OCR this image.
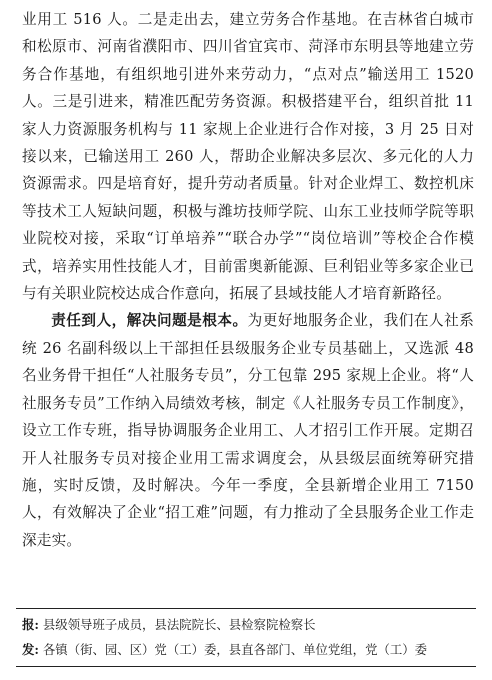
业用工 516 人。二是走出去，建立劳务合作基地。在吉林省白城市和松原市、河南省濮阳市、四川省宜宾市、菏泽市东明县等地建立劳务合作基地，有组织地引进外来劳动力，“点对点”输送用工 1520 人。三是引进来，精准匹配劳务资源。积极搭建平台，组织首批 11 家人力资源服务机构与 11 家规上企业进行合作对接，3 月 25 日对接以来，已输送用工 260 人，帮助企业解决多层次、多元化的人力资源需求。四是培育好，提升劳动者质量。针对企业焊工、数控机床等技术工人短缺问题，积极与潍坊技师学院、山东工业技师学院等职业院校对接，采取“订单培养”“联合办学”“岗位培训”等校企合作模式，培养实用性技能人才，目前雷奥新能源、巨利铝业等多家企业已与有关职业院校达成合作意向，拓展了县域技能人才培育新路径。

责任到人，解决问题是根本。为更好地服务企业，我们在人社系统 26 名副科级以上干部担任县级服务企业专员基础上，又选派 48 名业务骨干担任“人社服务专员”，分工包靠 295 家规上企业。将“人社服务专员”工作纳入局绩效考核，制定《人社服务专员工作制度》，设立工作专班，指导协调服务企业用工、人才招引工作开展。定期召开人社服务专员对接企业用工需求调度会，从县级层面统筹研究措施，实时反馈，及时解决。今年一季度，全县新增企业用工 7150 人，有效解决了企业“招工难”问题，有力推动了全县服务企业工作走深走实。

报: 县级领导班子成员，县法院院长、县检察院检察长

发: 各镇（街、园、区）党（工）委，县直各部门、单位党组，党（工）委
